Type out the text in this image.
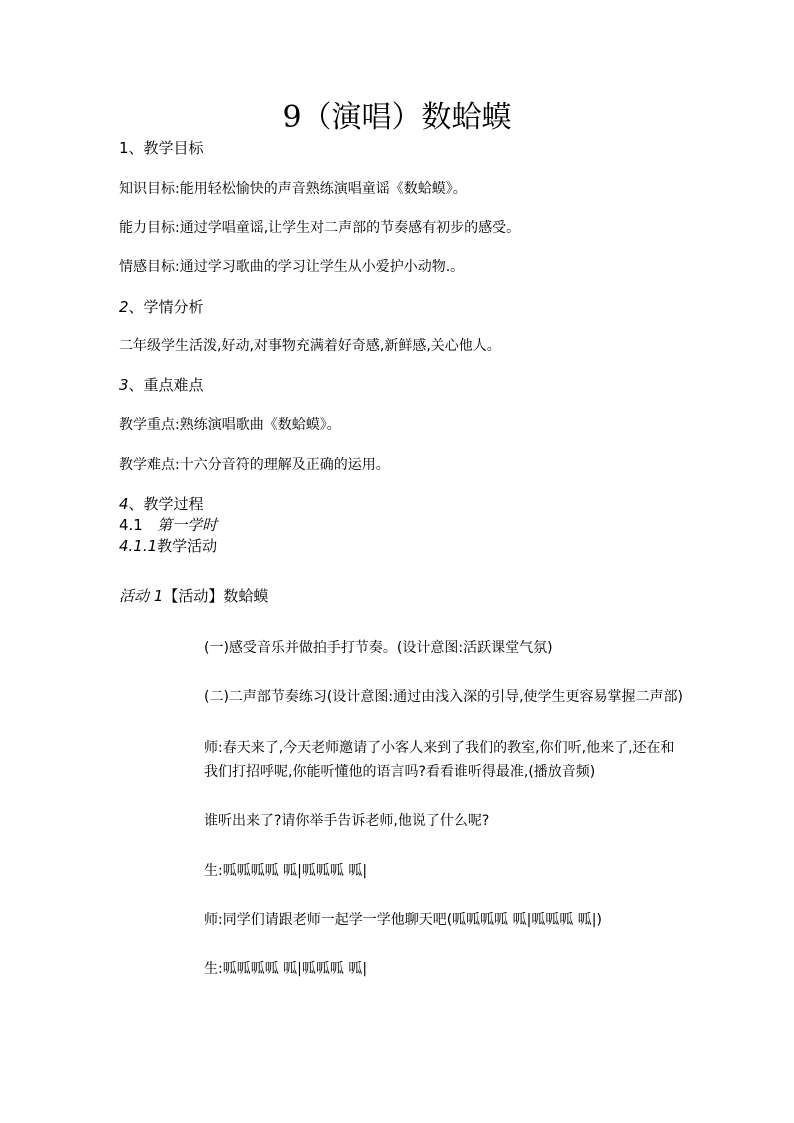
9（演唱）数蛤蟆
1、教学目标
知识目标:能用轻松愉快的声音熟练演唱童谣《数蛤蟆》。
能力目标:通过学唱童谣,让学生对二声部的节奏感有初步的感受。
情感目标:通过学习歌曲的学习让学生从小爱护小动物.。
2、学情分析
二年级学生活泼,好动,对事物充满着好奇感,新鲜感,关心他人。
3、重点难点
教学重点:熟练演唱歌曲《数蛤蟆》。
教学难点:十六分音符的理解及正确的运用。
4、教学过程
4.1 第一学时
4.1.1教学活动
活动 1【活动】数蛤蟆
(一)感受音乐并做拍手打节奏。(设计意图:活跃课堂气氛)
(二)二声部节奏练习(设计意图:通过由浅入深的引导,使学生更容易掌握二声部)
师:春天来了,今天老师邀请了小客人来到了我们的教室,你们听,他来了,还在和
我们打招呼呢,你能听懂他的语言吗?看看谁听得最准,(播放音频)
谁听出来了?请你举手告诉老师,他说了什么呢?
生:呱呱呱呱 呱|呱呱呱 呱|
师:同学们请跟老师一起学一学他聊天吧(呱呱呱呱 呱|呱呱呱 呱|)
生:呱呱呱呱 呱|呱呱呱 呱|
